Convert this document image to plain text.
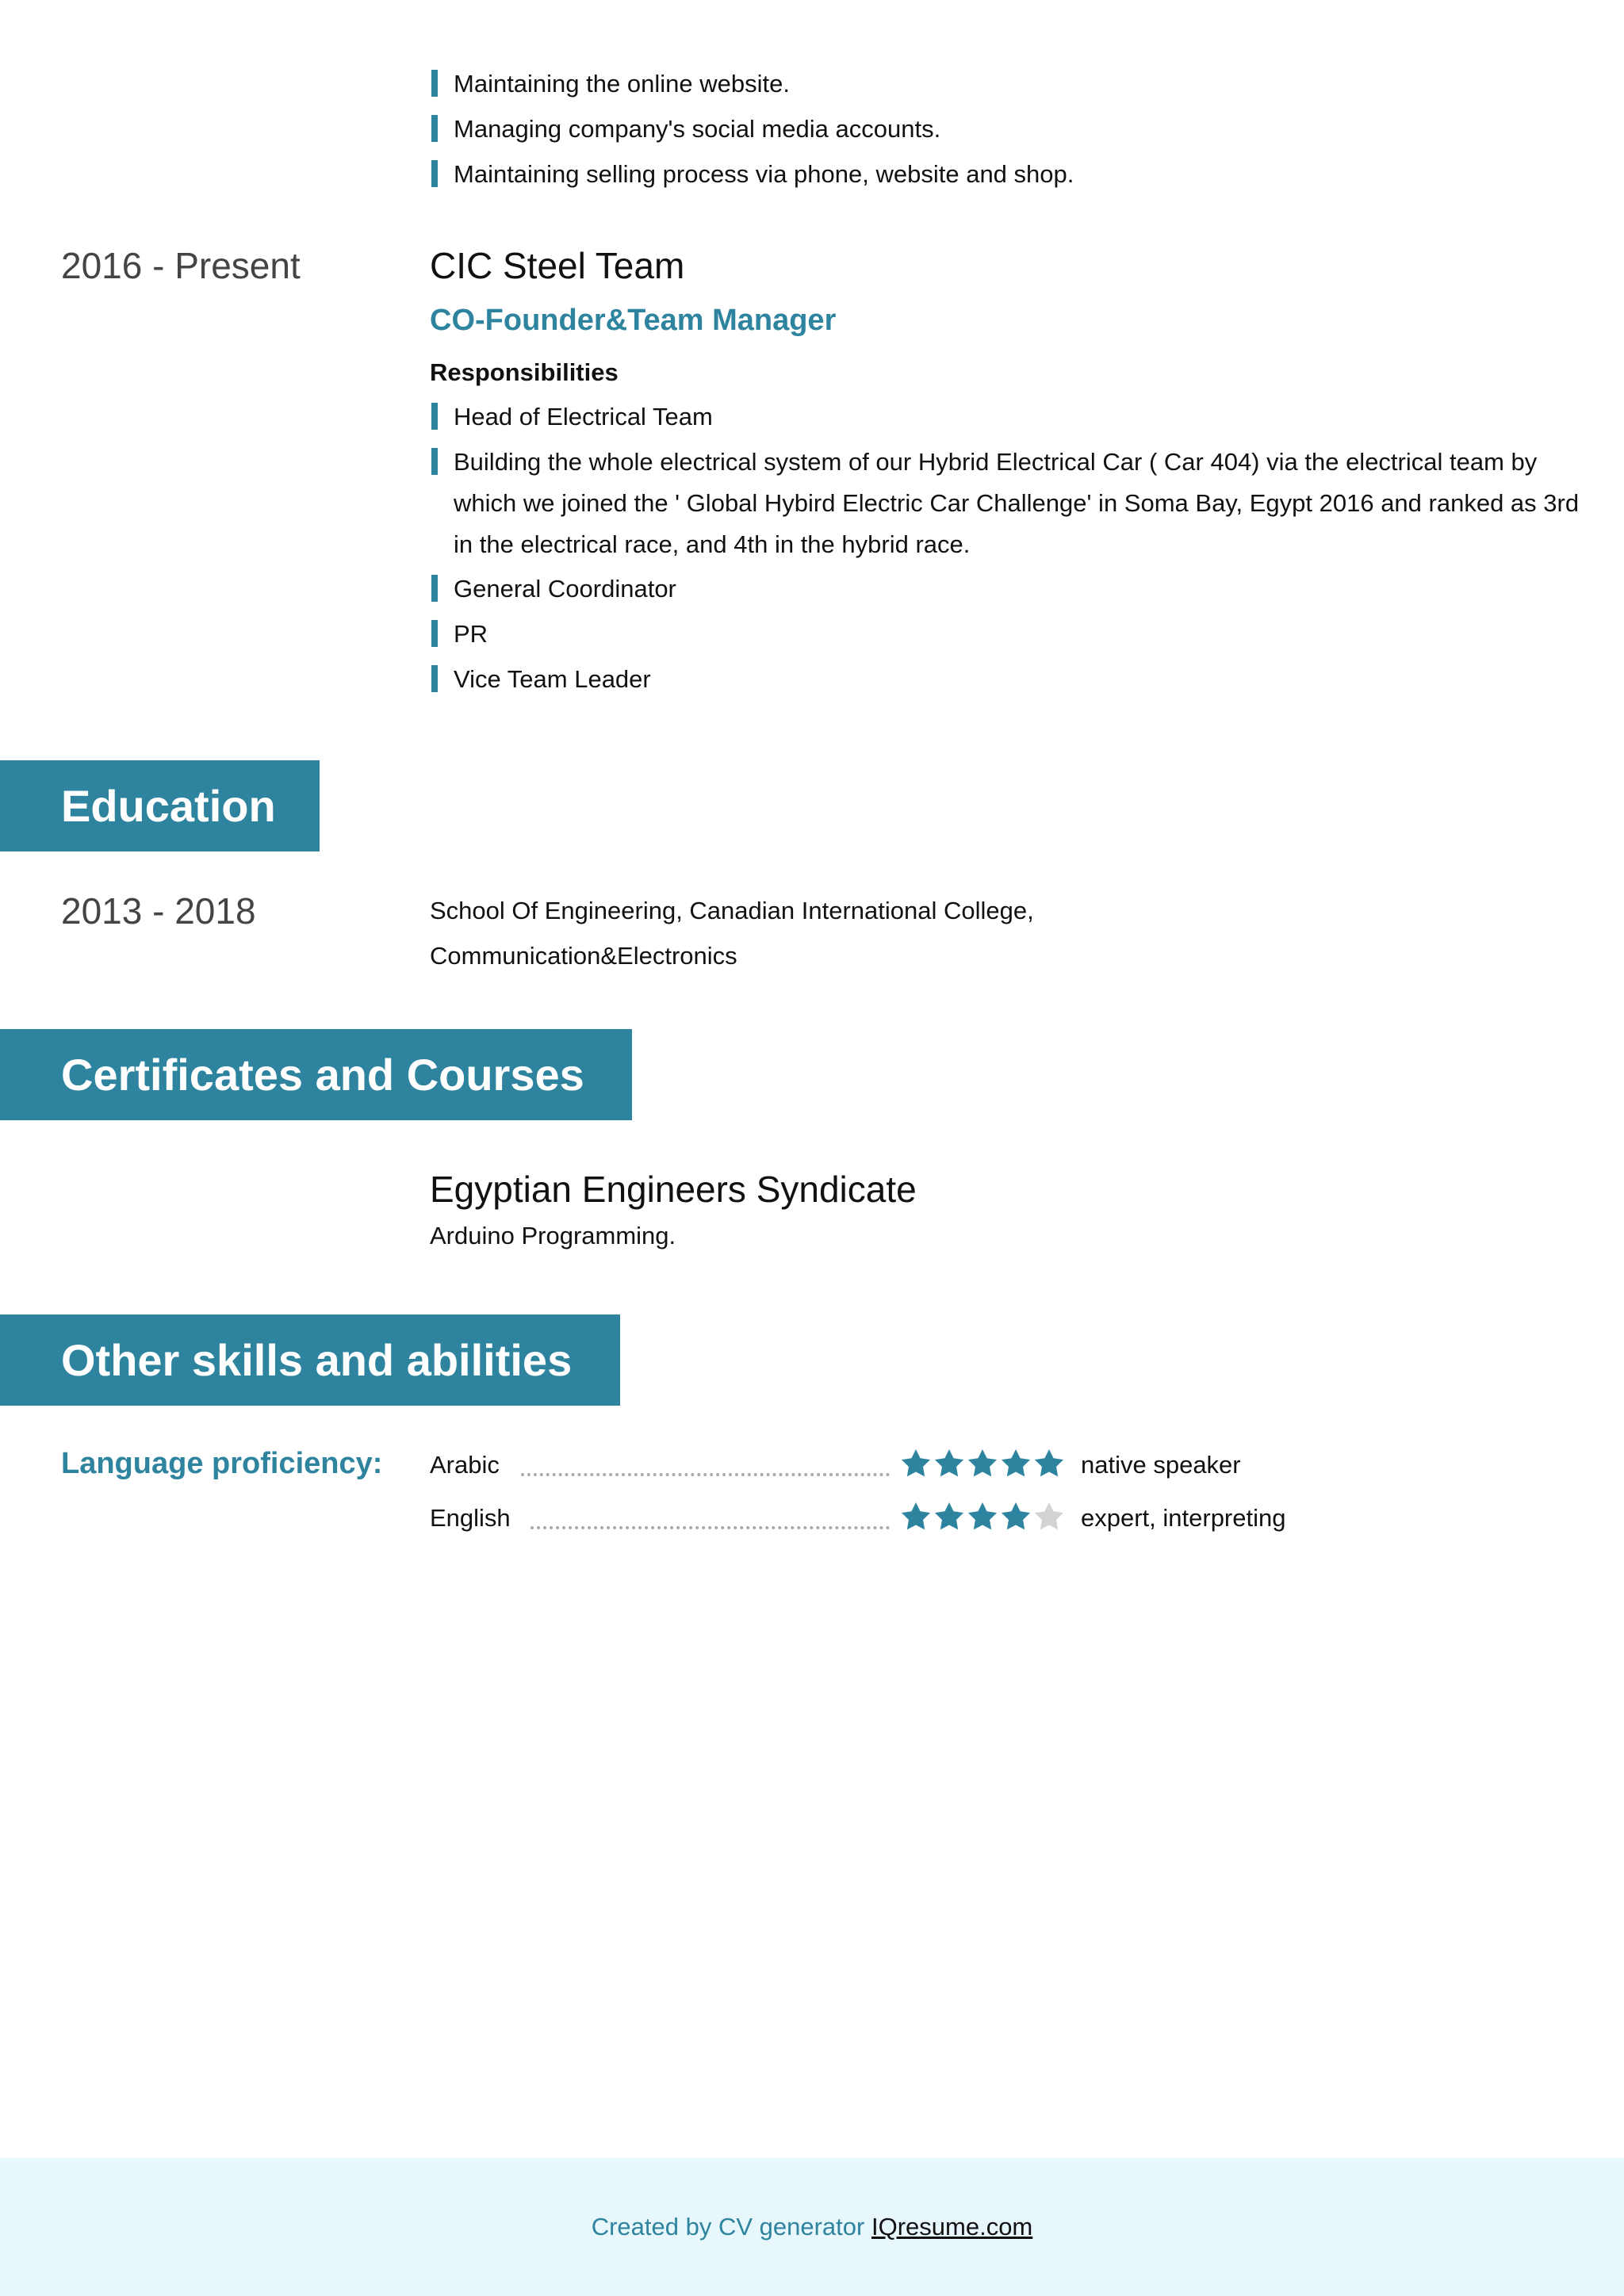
Maintaining the online website.
Managing company's social media accounts.
Maintaining selling process via phone, website and shop.
2016 - Present	CIC Steel Team
CO-Founder&Team Manager
Responsibilities
Head of Electrical Team
Building the whole electrical system of our Hybrid Electrical Car ( Car 404) via the electrical team by which we joined the ' Global Hybird Electric Car Challenge' in Soma Bay, Egypt 2016 and ranked as 3rd in the electrical race, and 4th in the hybrid race.
General Coordinator
PR
Vice Team Leader
Education
2013 - 2018	School Of Engineering, Canadian International College,
Communication&Electronics
Certificates and Courses
Egyptian Engineers Syndicate
Arduino Programming.
Other skills and abilities
Language proficiency: Arabic	native speaker
English	expert, interpreting
Created by CV generator IQresume.com
